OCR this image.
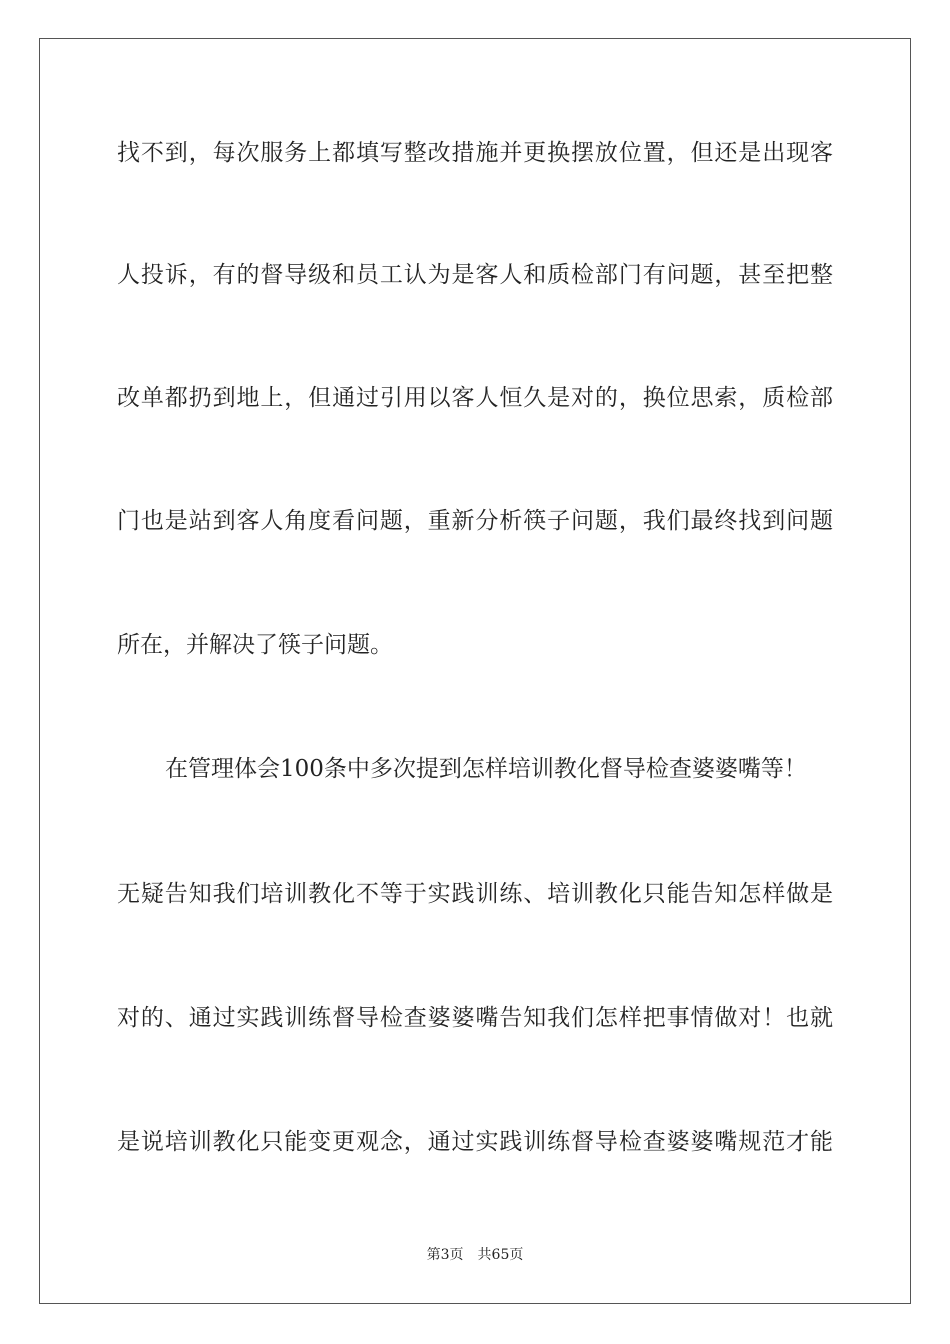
找不到，每次服务上都填写整改措施并更换摆放位置，但还是出现客
人投诉，有的督导级和员工认为是客人和质检部门有问题，甚至把整
改单都扔到地上，但通过引用以客人恒久是对的，换位思索，质检部
门也是站到客人角度看问题，重新分析筷子问题，我们最终找到问题
所在，并解决了筷子问题。
在管理体会100条中多次提到怎样培训教化督导检查婆婆嘴等！
无疑告知我们培训教化不等于实践训练、培训教化只能告知怎样做是
对的、通过实践训练督导检查婆婆嘴告知我们怎样把事情做对！也就
是说培训教化只能变更观念，通过实践训练督导检查婆婆嘴规范才能
第3页 共65页
